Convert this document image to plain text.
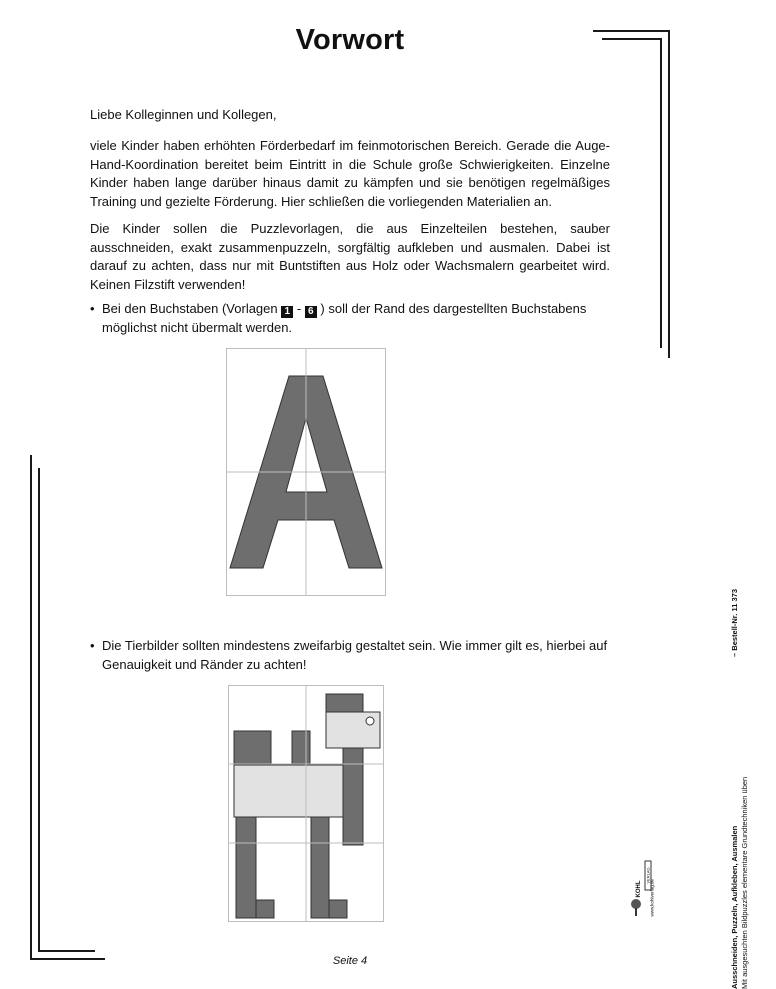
Vorwort

Liebe Kolleginnen und Kollegen,

viele Kinder haben erhöhten Förderbedarf im feinmotorischen Bereich. Gerade die Auge-Hand-Koordination bereitet beim Eintritt in die Schule große Schwierigkeiten. Einzelne Kinder haben lange darüber hinaus damit zu kämpfen und sie benötigen regelmäßiges Training und gezielte Förderung. Hier schließen die vorliegenden Materialien an.

Die Kinder sollen die Puzzlevorlagen, die aus Einzelteilen bestehen, sauber ausschneiden, exakt zusammenpuzzeln, sorgfältig aufkleben und ausmalen. Dabei ist darauf zu achten, dass nur mit Buntstiften aus Holz oder Wachsmalern gearbeitet wird. Keinen Filzstift verwenden!

• Bei den Buchstaben (Vorlagen 1 - 6 ) soll der Rand des dargestellten Buchstabens möglichst nicht übermalt werden.
• Die Tierbilder sollten mindestens zweifarbig gestaltet sein. Wie immer gilt es, hierbei auf Genauigkeit und Ränder zu achten!
Ausschneiden, Puzzeln, Aufkleben, Ausmalen Mit ausgesuchten Bildpuzzles elementare Grundtechniken üben
– Bestell-Nr. 11 373
KOHL
VERLAG
www.kohlverlag.de
Seite 4
